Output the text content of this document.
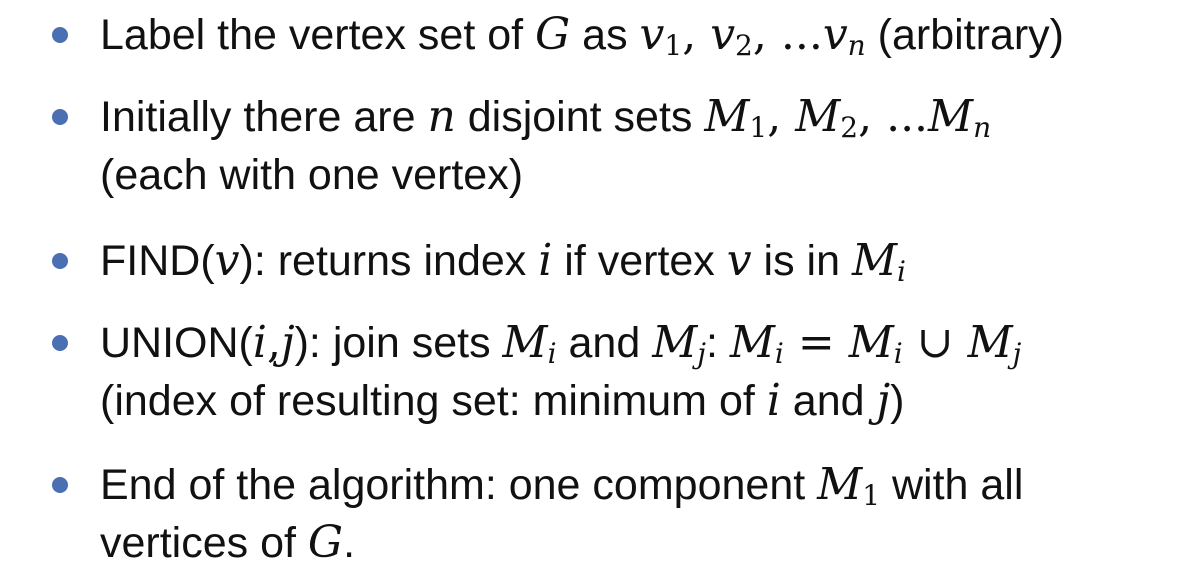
Label the vertex set of G as $v_1$, $v_2$, $...v_n$ (arbitrary)
Initially there are n disjoint sets $M_1$, $M_2$, $...M_n$
(each with one vertex)
FIND(v): returns index i if vertex v is in $M_i$
UNION(i,j): join sets $M_i$ and $M_j$: $M_i = M_i$ ∪ $M_j$
(index of resulting set: minimum of i and j)
End of the algorithm: one component $M_1$ with all
vertices of G.
